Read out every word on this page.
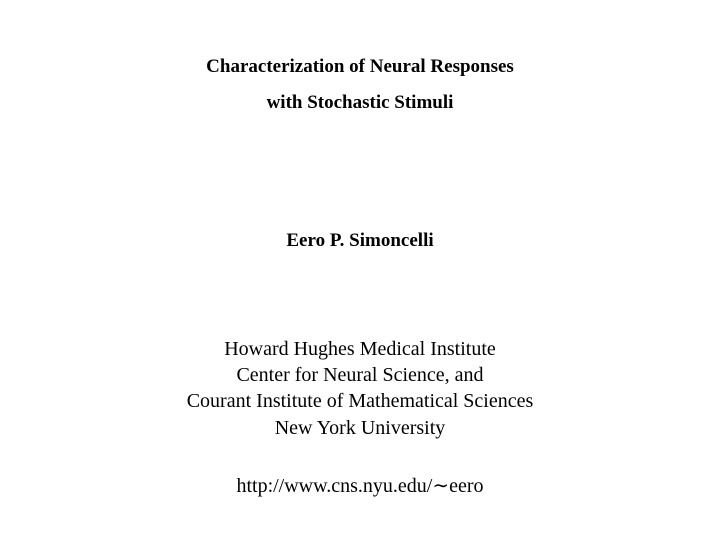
Characterization of Neural Responses
with Stochastic Stimuli
Eero P. Simoncelli
Howard Hughes Medical Institute
Center for Neural Science, and
Courant Institute of Mathematical Sciences
New York University
http://www.cns.nyu.edu/∼eero
